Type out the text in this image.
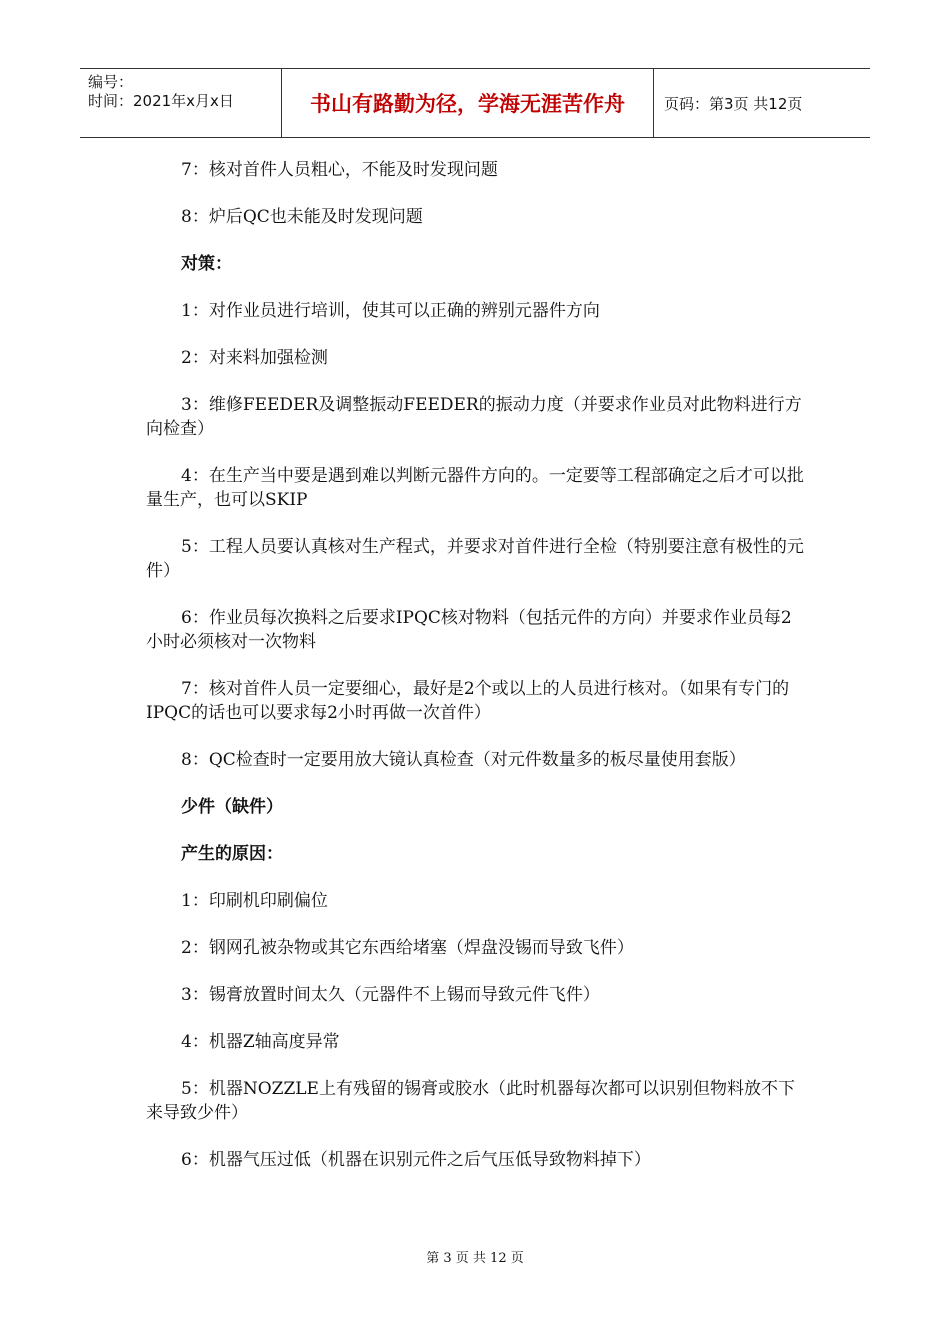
编号：
时间：2021年x月x日	书山有路勤为径，学海无涯苦作舟	页码：第3页 共12页

7：核对首件人员粗心，不能及时发现问题

8：炉后QC也未能及时发现问题

对策：

1：对作业员进行培训，使其可以正确的辨别元器件方向

2：对来料加强检测

3：维修FEEDER及调整振动FEEDER的振动力度（并要求作业员对此物料进行方向检查）

4：在生产当中要是遇到难以判断元器件方向的。一定要等工程部确定之后才可以批量生产，也可以SKIP

5：工程人员要认真核对生产程式，并要求对首件进行全检（特别要注意有极性的元件）

6：作业员每次换料之后要求IPQC核对物料（包括元件的方向）并要求作业员每2小时必须核对一次物料

7：核对首件人员一定要细心，最好是2个或以上的人员进行核对。（如果有专门的IPQC的话也可以要求每2小时再做一次首件）

8：QC检查时一定要用放大镜认真检查（对元件数量多的板尽量使用套版）

少件（缺件）

产生的原因：

1：印刷机印刷偏位

2：钢网孔被杂物或其它东西给堵塞（焊盘没锡而导致飞件）

3：锡膏放置时间太久（元器件不上锡而导致元件飞件）

4：机器Z轴高度异常

5：机器NOZZLE上有残留的锡膏或胶水（此时机器每次都可以识别但物料放不下来导致少件）

6：机器气压过低（机器在识别元件之后气压低导致物料掉下）

第 3 页 共 12 页
